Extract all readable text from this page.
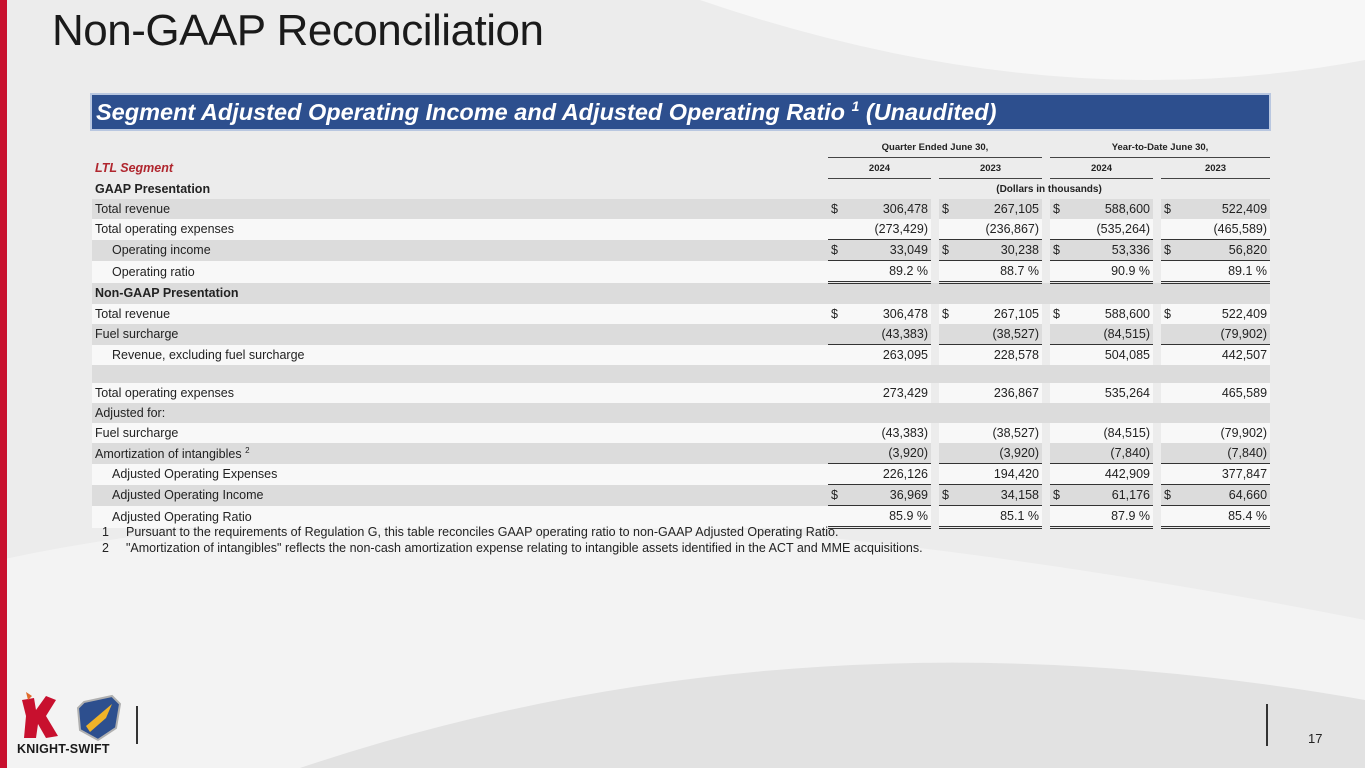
Non-GAAP Reconciliation
Segment Adjusted Operating Income and Adjusted Operating Ratio $^1$ (Unaudited)
	Quarter Ended June 30,				Year-to-Date June 30,		
LTL Segment	2024		2023		2024		2023
GAAP Presentation	(Dollars in thousands)						
Total revenue	$ 306,478		$ 267,105		$ 588,600		$ 522,409
Total operating expenses	(273,429)		(236,867)		(535,264)		(465,589)
Operating income	$ 33,049		$ 30,238		$ 53,336		$ 56,820
Operating ratio	89.2 %		88.7 %		90.9 %		89.1 %
Non-GAAP Presentation							
Total revenue	$ 306,478		$ 267,105		$ 588,600		$ 522,409
Fuel surcharge	(43,383)		(38,527)		(84,515)		(79,902)
Revenue, excluding fuel surcharge	263,095		228,578		504,085		442,507

Total operating expenses	273,429		236,867		535,264		465,589
Adjusted for:							
Fuel surcharge	(43,383)		(38,527)		(84,515)		(79,902)
Amortization of intangibles $^2$	(3,920)		(3,920)		(7,840)		(7,840)
Adjusted Operating Expenses	226,126		194,420		442,909		377,847
Adjusted Operating Income	$ 36,969		$ 34,158		$ 61,176		$ 64,660
Adjusted Operating Ratio	85.9 %		85.1 %		87.9 %		85.4 %
1 Pursuant to the requirements of Regulation G, this table reconciles GAAP operating ratio to non-GAAP Adjusted Operating Ratio.
2 "Amortization of intangibles" reflects the non-cash amortization expense relating to intangible assets identified in the ACT and MME acquisitions.
KNIGHT-SWIFT
17
